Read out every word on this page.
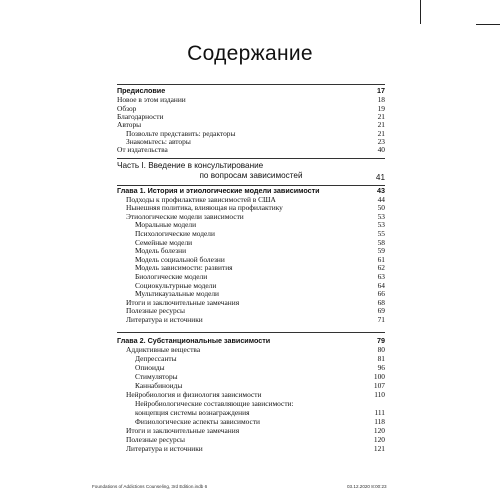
Содержание
Предисловие	17
Новое в этом издании	18
Обзор	19
Благодарности	21
Авторы	21
Позвольте представить: редакторы	21
Знакомьтесь: авторы	23
От издательства	40
Часть I. Введение в консультирование
по вопросам зависимостей	41
Глава 1. История и этиологические модели зависимости	43
Подходы к профилактике зависимостей в США	44
Нынешняя политика, влияющая на профилактику	50
Этиологические модели зависимости	53
Моральные модели	53
Психологические модели	55
Семейные модели	58
Модель болезни	59
Модель социальной болезни	61
Модель зависимости: развития	62
Биологические модели	63
Социокультурные модели	64
Мультикаузальные модели	66
Итоги и заключительные замечания	68
Полезные ресурсы	69
Литература и источники	71
Глава 2. Субстанциональные зависимости	79
Аддиктивные вещества	80
Депрессанты	81
Опиоиды	96
Стимуляторы	100
Каннабиноиды	107
Нейробиология и физиология зависимости	110
Нейробиологические составляющие зависимости:
концепция системы вознаграждения	111
Физиологические аспекты зависимости	118
Итоги и заключительные замечания	120
Полезные ресурсы	120
Литература и источники	121
Foundations of Addictions Counseling, 3rd Edition.indb 6	03.12.2020 8:00:23
